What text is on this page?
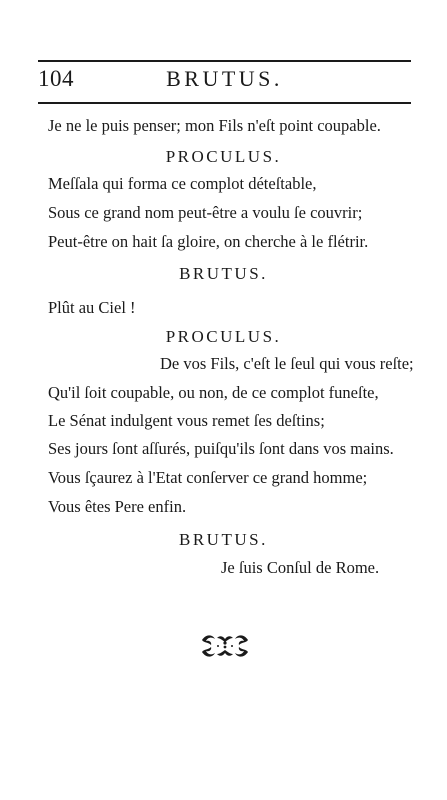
104	BRUTUS.
Je ne le puis penser; mon Fils n'eſt point coupable.
PROCULUS.
Meſſala qui forma ce complot déteſtable,
Sous ce grand nom peut-être a voulu ſe couvrir;
Peut-être on hait ſa gloire, on cherche à le flétrir.
BRUTUS.
Plût au Ciel !
PROCULUS.
De vos Fils, c'eſt le ſeul qui vous reſte;
Qu'il ſoit coupable, ou non, de ce complot funeſte,
Le Sénat indulgent vous remet ſes deſtins;
Ses jours ſont aſſurés, puiſqu'ils ſont dans vos mains.
Vous ſçaurez à l'Etat conſerver ce grand homme;
Vous êtes Pere enfin.
BRUTUS.
Je ſuis Conſul de Rome.
